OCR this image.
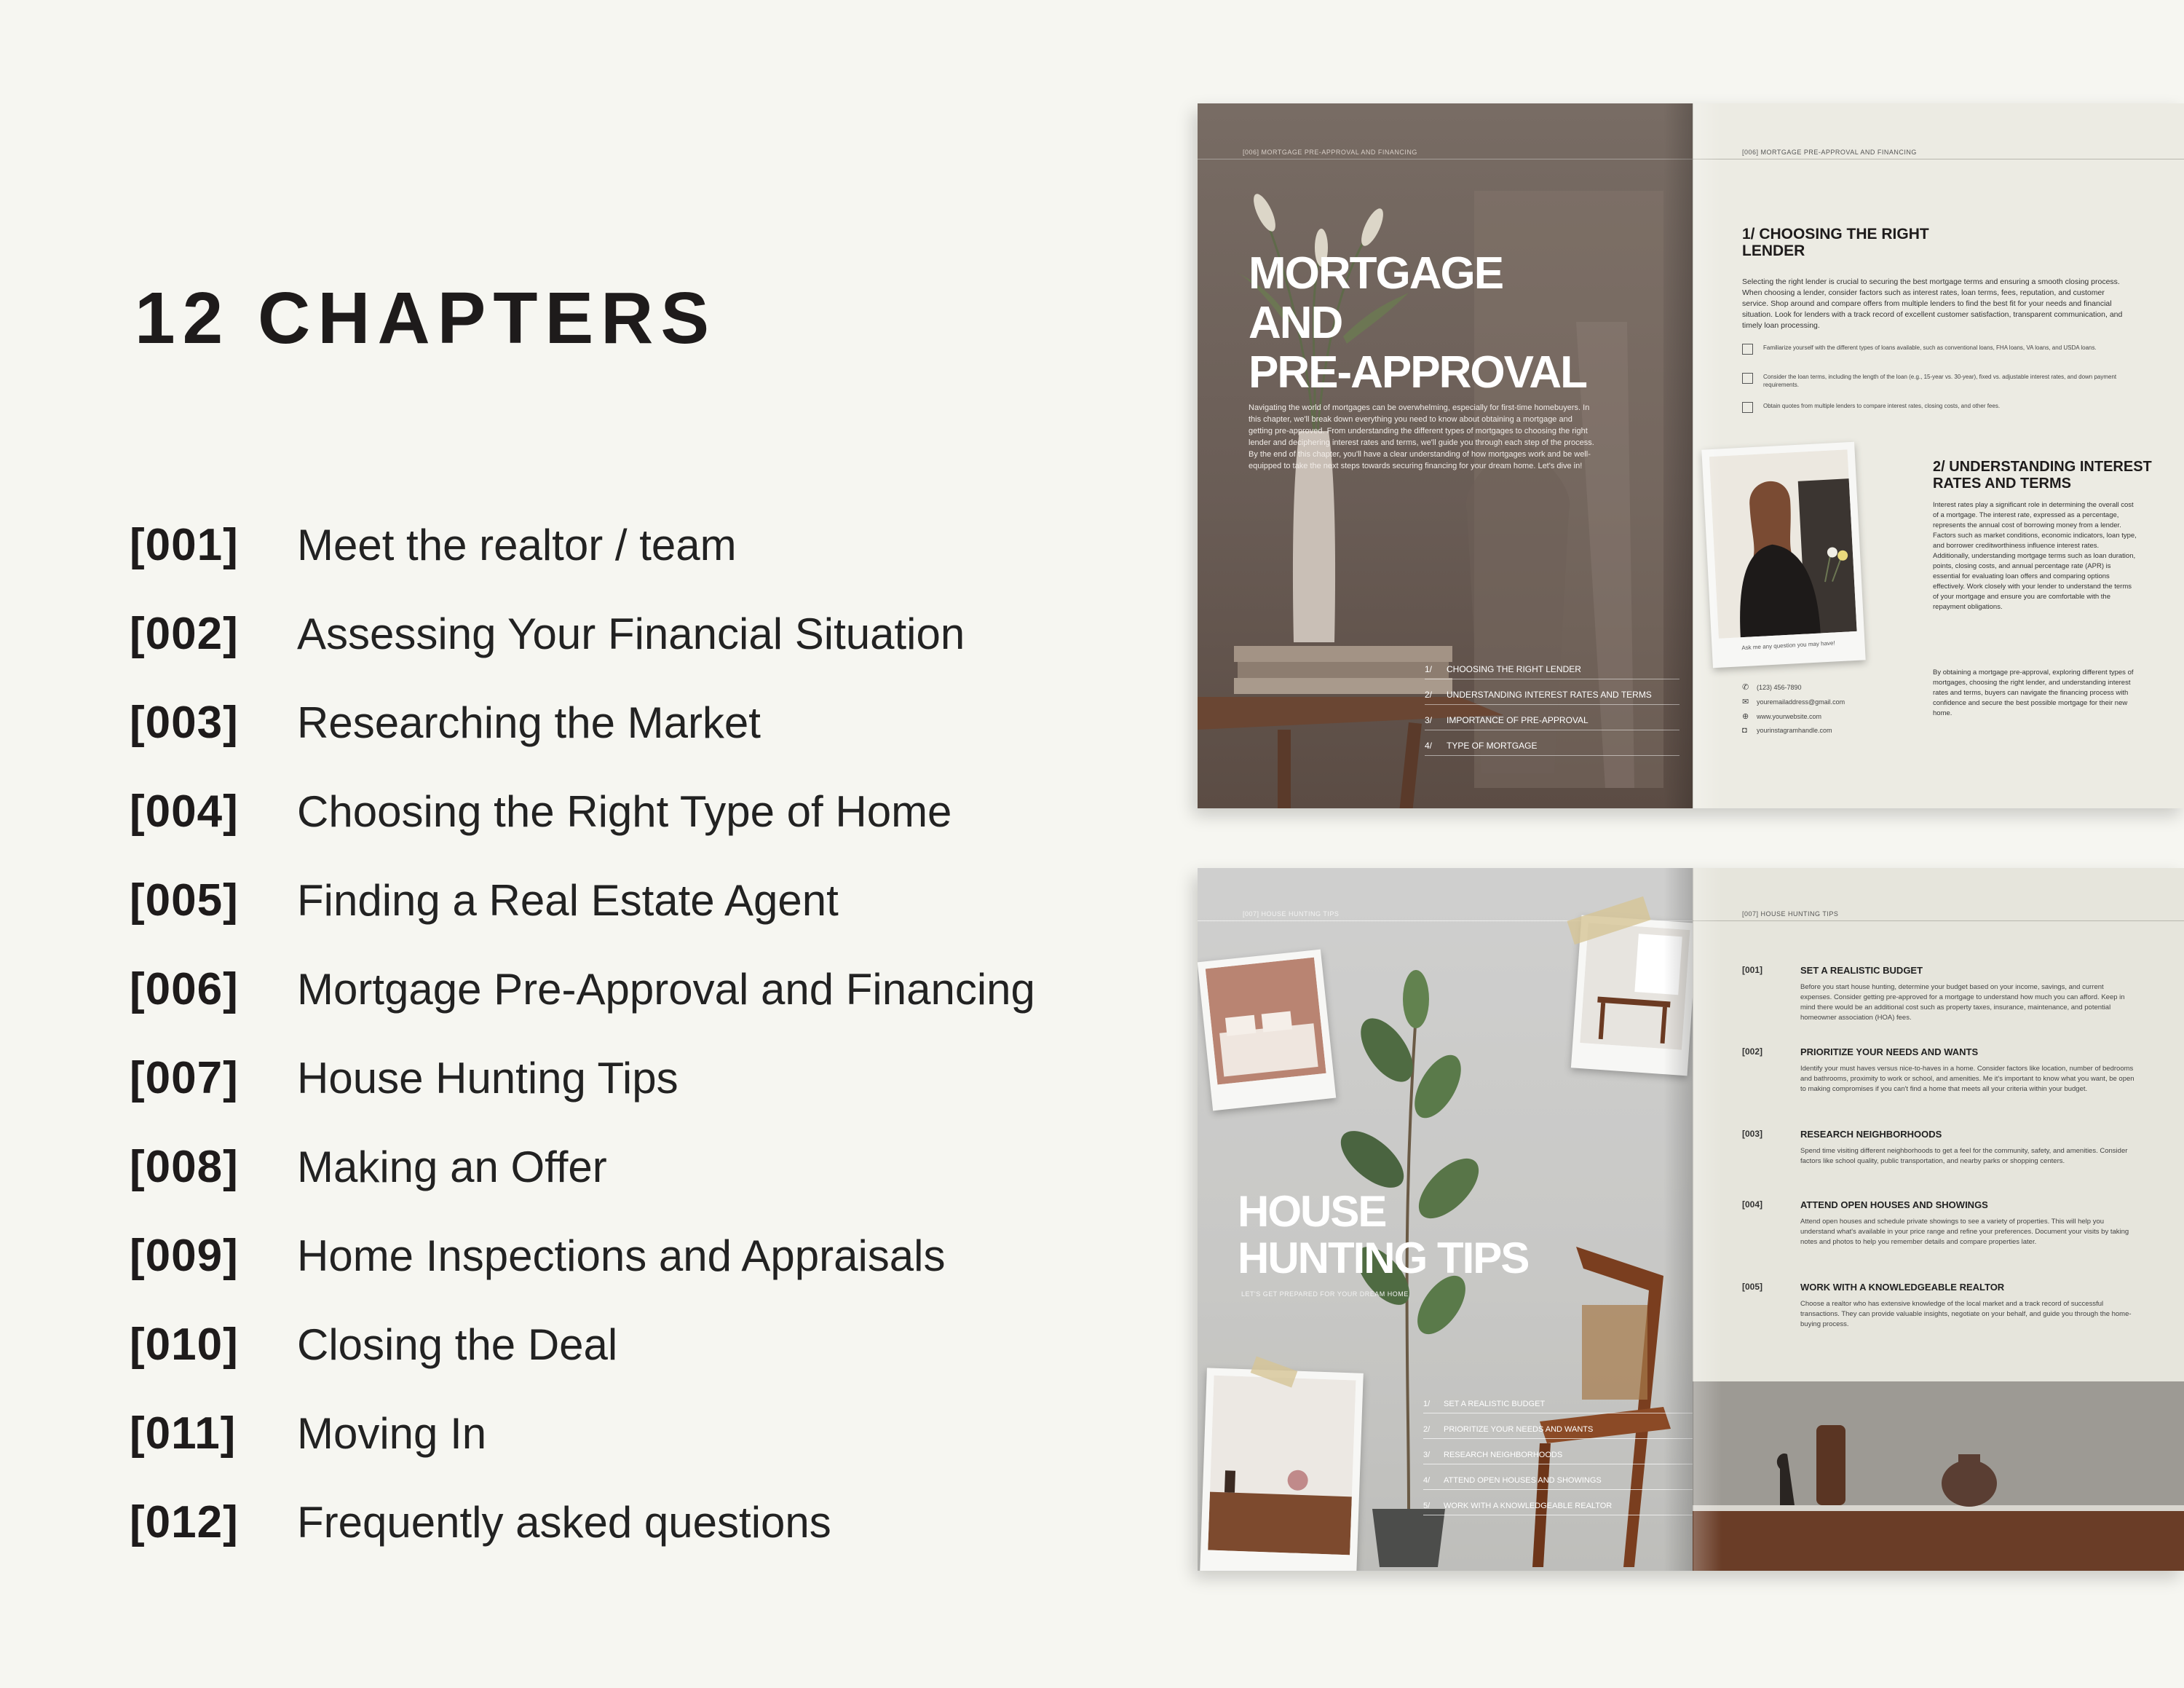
12 CHAPTERS
[001]	Meet the realtor / team
[002]	Assessing Your Financial Situation
[003]	Researching the Market
[004]	Choosing the Right Type of Home
[005]	Finding a Real Estate Agent
[006]	Mortgage Pre-Approval and Financing
[007]	House Hunting Tips
[008]	Making an Offer
[009]	Home Inspections and Appraisals
[010]	Closing the Deal
[011]	Moving In
[012]	Frequently asked questions
[006] MORTGAGE PRE-APPROVAL AND FINANCING
MORTGAGE
AND
PRE-APPROVAL
Navigating the world of mortgages can be overwhelming, especially for first-time homebuyers. In this chapter, we'll break down everything you need to know about obtaining a mortgage and getting pre-approved. From understanding the different types of mortgages to choosing the right lender and deciphering interest rates and terms, we'll guide you through each step of the process. By the end of this chapter, you'll have a clear understanding of how mortgages work and be well-equipped to take the next steps towards securing financing for your dream home. Let's dive in!
1/ CHOOSING THE RIGHT LENDER
2/ UNDERSTANDING INTEREST RATES AND TERMS
3/ IMPORTANCE OF PRE-APPROVAL
4/ TYPE OF MORTGAGE
[006] MORTGAGE PRE-APPROVAL AND FINANCING
1/ CHOOSING THE RIGHT LENDER
Selecting the right lender is crucial to securing the best mortgage terms and ensuring a smooth closing process. When choosing a lender, consider factors such as interest rates, loan terms, fees, reputation, and customer service. Shop around and compare offers from multiple lenders to find the best fit for your needs and financial situation. Look for lenders with a track record of excellent customer satisfaction, transparent communication, and timely loan processing.
Familiarize yourself with the different types of loans available, such as conventional loans, FHA loans, VA loans, and USDA loans.
Consider the loan terms, including the length of the loan (e.g., 15-year vs. 30-year), fixed vs. adjustable interest rates, and down payment requirements.
Obtain quotes from multiple lenders to compare interest rates, closing costs, and other fees.
Ask me any question you may have!
✆	(123) 456-7890
✉	youremailaddress@gmail.com
⊕	www.yourwebsite.com
◘	yourinstagramhandle.com
2/ UNDERSTANDING INTEREST RATES AND TERMS
Interest rates play a significant role in determining the overall cost of a mortgage. The interest rate, expressed as a percentage, represents the annual cost of borrowing money from a lender. Factors such as market conditions, economic indicators, loan type, and borrower creditworthiness influence interest rates. Additionally, understanding mortgage terms such as loan duration, points, closing costs, and annual percentage rate (APR) is essential for evaluating loan offers and comparing options effectively. Work closely with your lender to understand the terms of your mortgage and ensure you are comfortable with the repayment obligations.
By obtaining a mortgage pre-approval, exploring different types of mortgages, choosing the right lender, and understanding interest rates and terms, buyers can navigate the financing process with confidence and secure the best possible mortgage for their new home.
[007] HOUSE HUNTING TIPS
HOUSE
HUNTING TIPS
LET'S GET PREPARED FOR YOUR DREAM HOME
1/ SET A REALISTIC BUDGET
2/ PRIORITIZE YOUR NEEDS AND WANTS
3/ RESEARCH NEIGHBORHOODS
4/ ATTEND OPEN HOUSES AND SHOWINGS
5/ WORK WITH A KNOWLEDGEABLE REALTOR
[007] HOUSE HUNTING TIPS
[001]	SET A REALISTIC BUDGET
Before you start house hunting, determine your budget based on your income, savings, and current expenses. Consider getting pre-approved for a mortgage to understand how much you can afford. Keep in mind there would be an additional cost such as property taxes, insurance, maintenance, and potential homeowner association (HOA) fees.
[002]	PRIORITIZE YOUR NEEDS AND WANTS
Identify your must haves versus nice-to-haves in a home. Consider factors like location, number of bedrooms and bathrooms, proximity to work or school, and amenities. Me it's important to know what you want, be open to making compromises if you can't find a home that meets all your criteria within your budget.
[003]	RESEARCH NEIGHBORHOODS
Spend time visiting different neighborhoods to get a feel for the community, safety, and amenities. Consider factors like school quality, public transportation, and nearby parks or shopping centers.
[004]	ATTEND OPEN HOUSES AND SHOWINGS
Attend open houses and schedule private showings to see a variety of properties. This will help you understand what's available in your price range and refine your preferences. Document your visits by taking notes and photos to help you remember details and compare properties later.
[005]	WORK WITH A KNOWLEDGEABLE REALTOR
Choose a realtor who has extensive knowledge of the local market and a track record of successful transactions. They can provide valuable insights, negotiate on your behalf, and guide you through the home-buying process.
